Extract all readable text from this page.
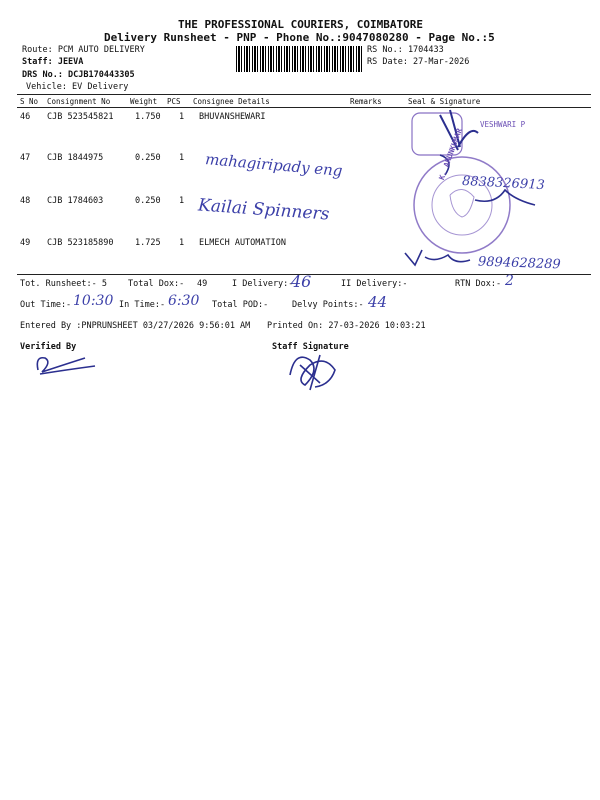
THE PROFESSIONAL COURIERS, COIMBATORE
Delivery Runsheet - PNP - Phone No.:9047080280 - Page No.:5
Route: PCM AUTO DELIVERY
Staff: JEEVA
DRS No.: DCJB170443305
Vehicle: EV Delivery
RS No.: 1704433
RS Date: 27-Mar-2026
S No Consignment No	Weight PCS Consignee Details	Remarks	Seal & Signature
46 CJB 523545821	1.750 1 BHUVANSHEWARI
VESHWARI P
47 CJB 1844975	0.250 1 mahagiripady eng
8838326913
48 CJB 1784603	0.250 1 Kailai Spinners
49 CJB 523185890	1.725 1 ELMECH AUTOMATION
9894628289
K. ARUNKUMAR
Tot. Runsheet:- 5 Total Dox:- 49	I Delivery:-
46	II Delivery:-	RTN Dox:- 2
Out Time:- 10:30 In Time:- 6:30 Total POD:-	Delvy Points:- 44
Entered By :PNPRUNSHEET 03/27/2026 9:56:01 AM Printed On: 27-03-2026 10:03:21
Verified By	Staff Signature
